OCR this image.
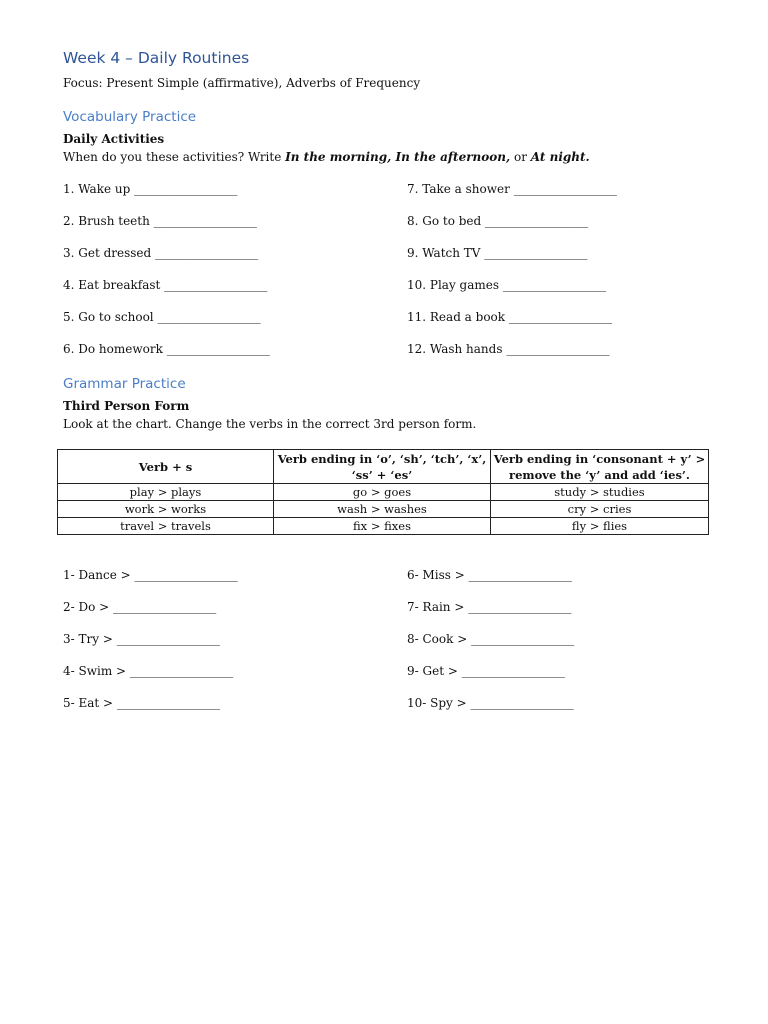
Week 4 – Daily Routines
Focus: Present Simple (affirmative), Adverbs of Frequency
Vocabulary Practice
Daily Activities
When do you these activities? Write In the morning, In the afternoon, or At night.
1. Wake up ___________________
2. Brush teeth ___________________
3. Get dressed ___________________
4. Eat breakfast ___________________
5. Go to school ___________________
6. Do homework ___________________
7. Take a shower ___________________
8. Go to bed ___________________
9. Watch TV ___________________
10. Play games ___________________
11. Read a book ___________________
12. Wash hands ___________________
Grammar Practice
Third Person Form
Look at the chart. Change the verbs in the correct 3rd person form.
Verb + s	Verb ending in ‘o’, ‘sh’, ‘tch’, ‘x’, ‘ss’ + ‘es’	Verb ending in ‘consonant + y’ > remove the ‘y’ and add ‘ies’.
play > plays	go > goes	study > studies
work > works	wash > washes	cry > cries
travel > travels	fix > fixes	fly > flies
1- Dance > ___________________
2- Do > ___________________
3- Try > ___________________
4- Swim > ___________________
5- Eat > ___________________
6- Miss > ___________________
7- Rain > ___________________
8- Cook > ___________________
9- Get > ___________________
10- Spy > ___________________
